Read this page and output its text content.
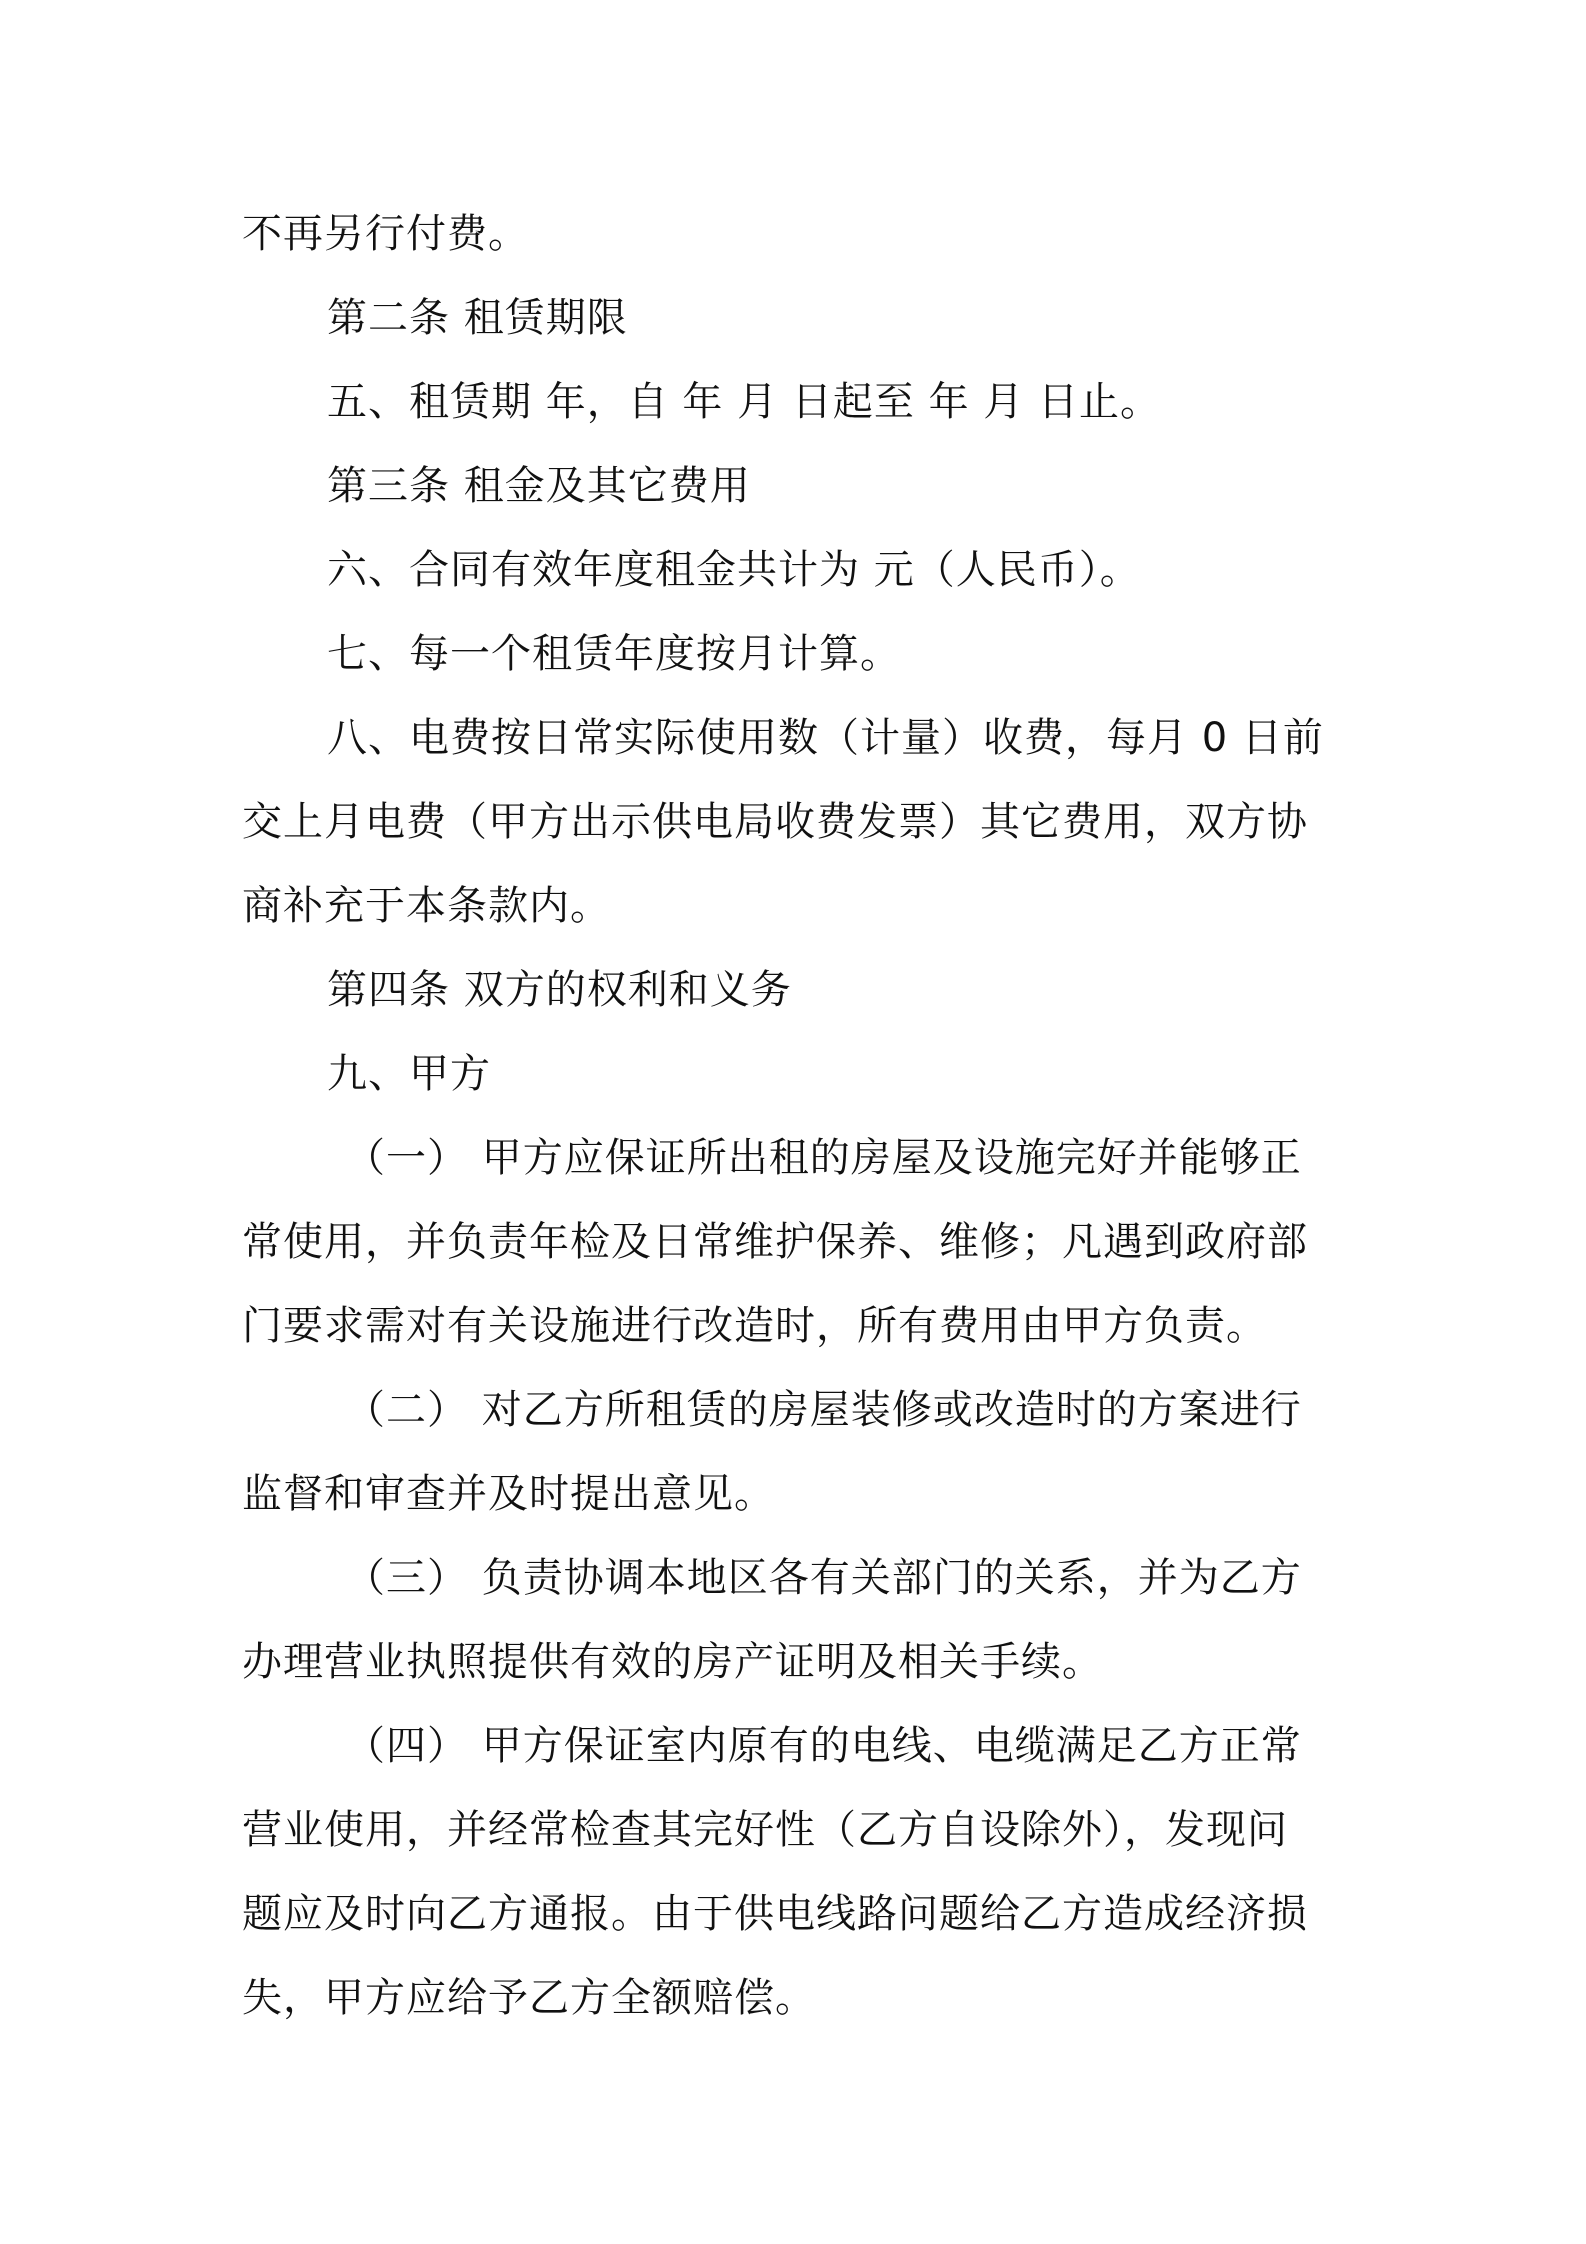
不再另行付费。
第二条 租赁期限
五、租赁期 年，自 年 月 日起至 年 月 日止。
第三条 租金及其它费用
六、合同有效年度租金共计为 元（人民币）。
七、每一个租赁年度按月计算。
八、电费按日常实际使用数（计量）收费，每月 0 日前
交上月电费（甲方出示供电局收费发票）其它费用，双方协
商补充于本条款内。
第四条 双方的权利和义务
九、甲方
（一） 甲方应保证所出租的房屋及设施完好并能够正
常使用，并负责年检及日常维护保养、维修；凡遇到政府部
门要求需对有关设施进行改造时，所有费用由甲方负责。
（二） 对乙方所租赁的房屋装修或改造时的方案进行
监督和审查并及时提出意见。
（三） 负责协调本地区各有关部门的关系，并为乙方
办理营业执照提供有效的房产证明及相关手续。
（四） 甲方保证室内原有的电线、电缆满足乙方正常
营业使用，并经常检查其完好性（乙方自设除外），发现问
题应及时向乙方通报。由于供电线路问题给乙方造成经济损
失，甲方应给予乙方全额赔偿。
